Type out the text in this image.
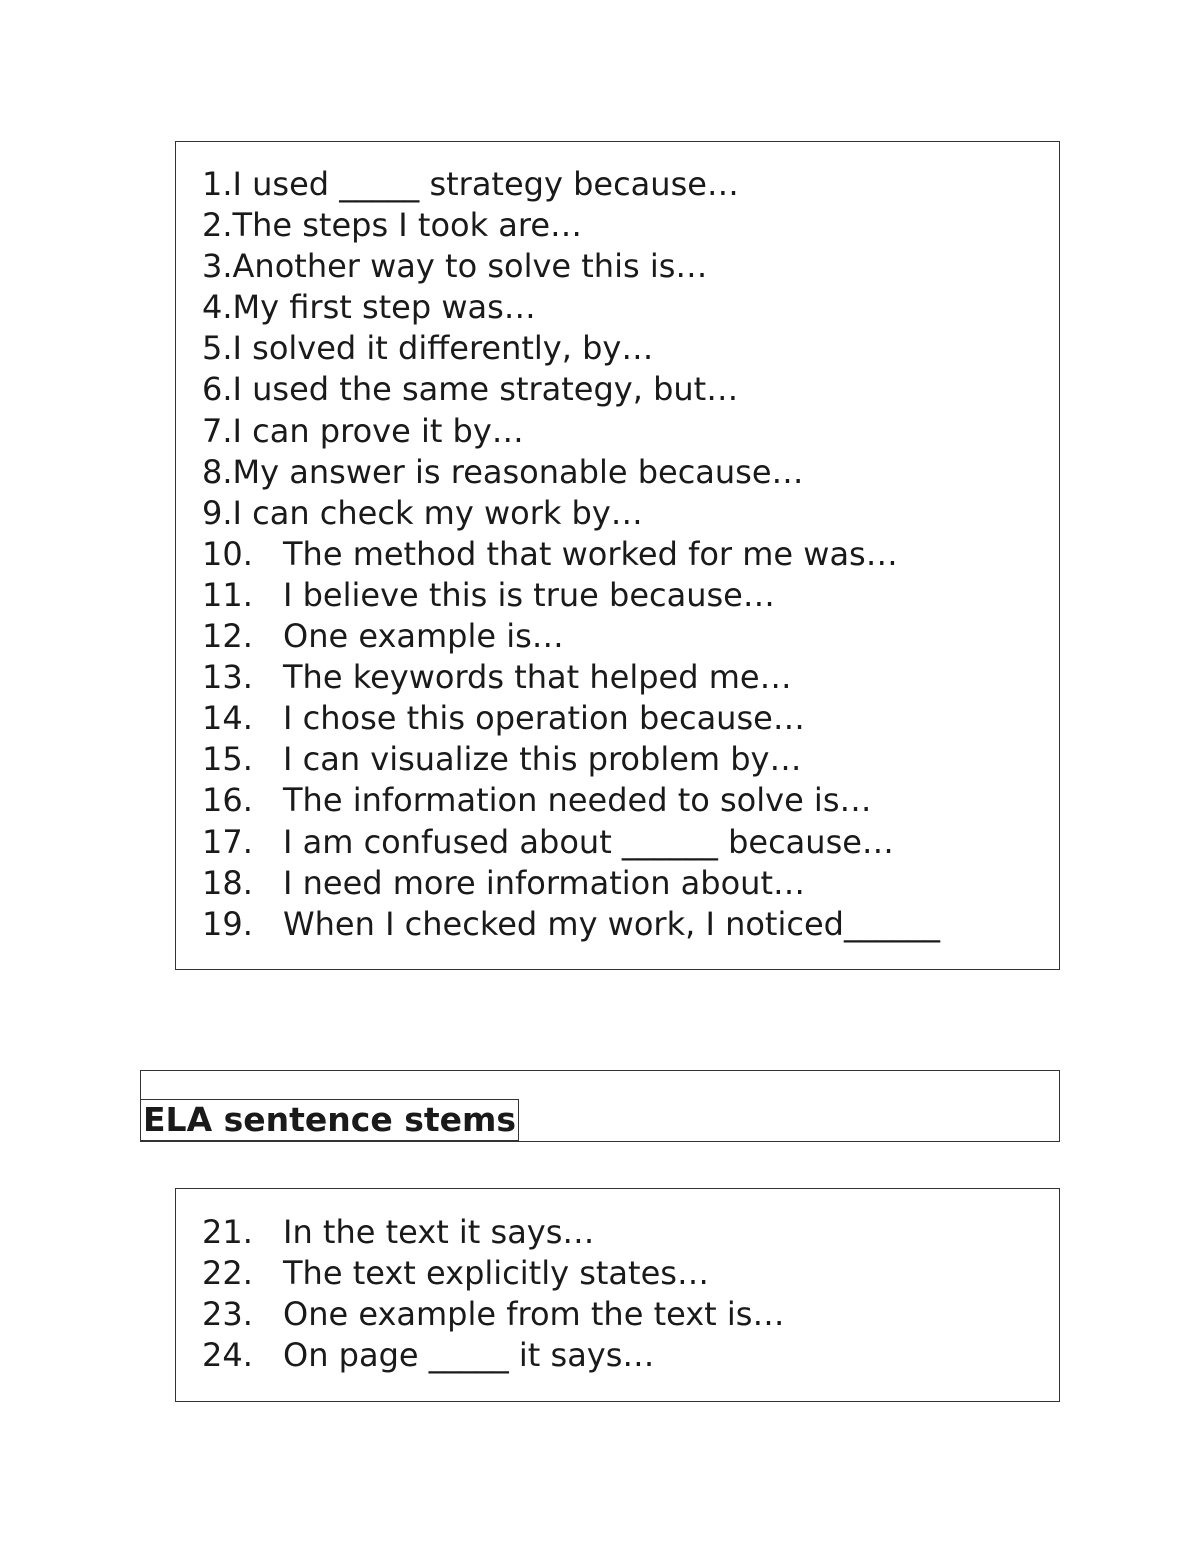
1. I used _____ strategy because…
2. The steps I took are…
3. Another way to solve this is…
4. My first step was…
5. I solved it differently, by…
6. I used the same strategy, but…
7. I can prove it by…
8. My answer is reasonable because…
9. I can check my work by…
10. The method that worked for me was…
11. I believe this is true because…
12. One example is…
13. The keywords that helped me…
14. I chose this operation because…
15. I can visualize this problem by…
16. The information needed to solve is…
17. I am confused about ______ because…
18. I need more information about…
19. When I checked my work, I noticed______
ELA sentence stems
21. In the text it says…
22. The text explicitly states…
23. One example from the text is…
24. On page _____ it says…
